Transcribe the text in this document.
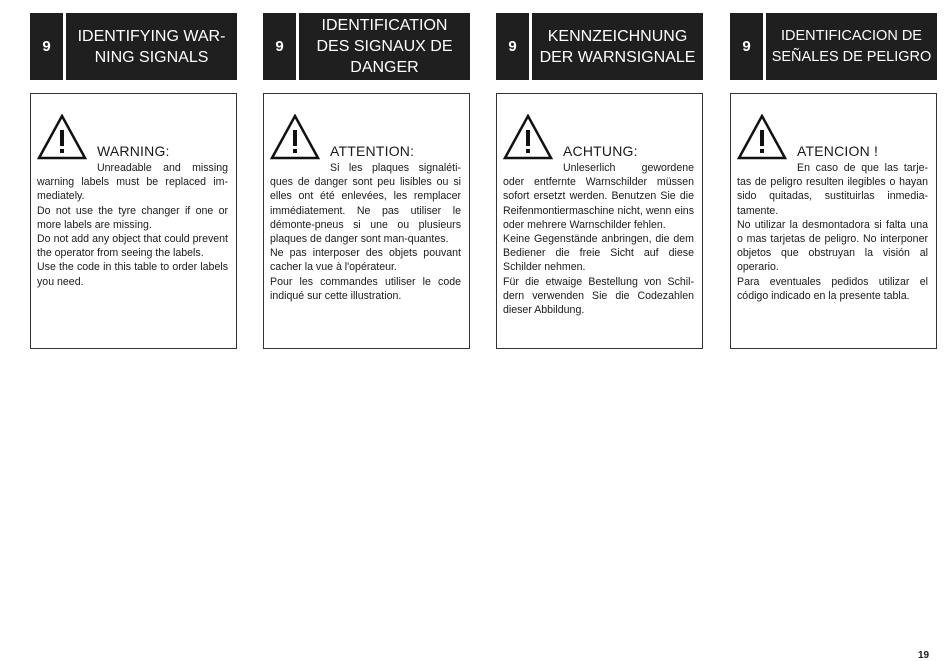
9
IDENTIFYING WAR-
NING SIGNALS
WARNING:

Unreadable and missing warning labels must be replaced im-mediately.

Do not use the tyre changer if one or more labels are missing.

Do not add any object that could prevent the operator from seeing the labels.

Use the code in this table to order labels you need.

9
IDENTIFICATION
DES SIGNAUX DE
DANGER
ATTENTION:

Si les plaques signaléti-ques de danger sont peu lisibles ou si elles ont été enlevées, les remplacer immédiatement. Ne pas utiliser le démonte-pneus si une ou plusieurs plaques de danger sont man-quantes.

Ne pas interposer des objets pouvant cacher la vue à l'opérateur.

Pour les commandes utiliser le code indiqué sur cette illustration.

9
KENNZEICHNUNG
DER WARNSIGNALE
ACHTUNG:

Unleserlich gewordene oder entfernte Warnschilder müssen sofort ersetzt werden. Benutzen Sie die Reifenmontiermaschine nicht, wenn eins oder mehrere Warnschilder fehlen.

Keine Gegenstände anbringen, die dem Bediener die freie Sicht auf diese Schilder nehmen.

Für die etwaige Bestellung von Schil-dern verwenden Sie die Codezahlen dieser Abbildung.

9
IDENTIFICACION DE
SEÑALES DE PELIGRO
ATENCION !

En caso de que las tarje-tas de peligro resulten ilegibles o hayan sido quitadas, sustituirlas inmedia-tamente.

No utilizar la desmontadora si falta una o mas tarjetas de peligro. No interponer objetos que obstruyan la visión al operario.

Para eventuales pedidos utilizar el código indicado en la presente tabla.

19
